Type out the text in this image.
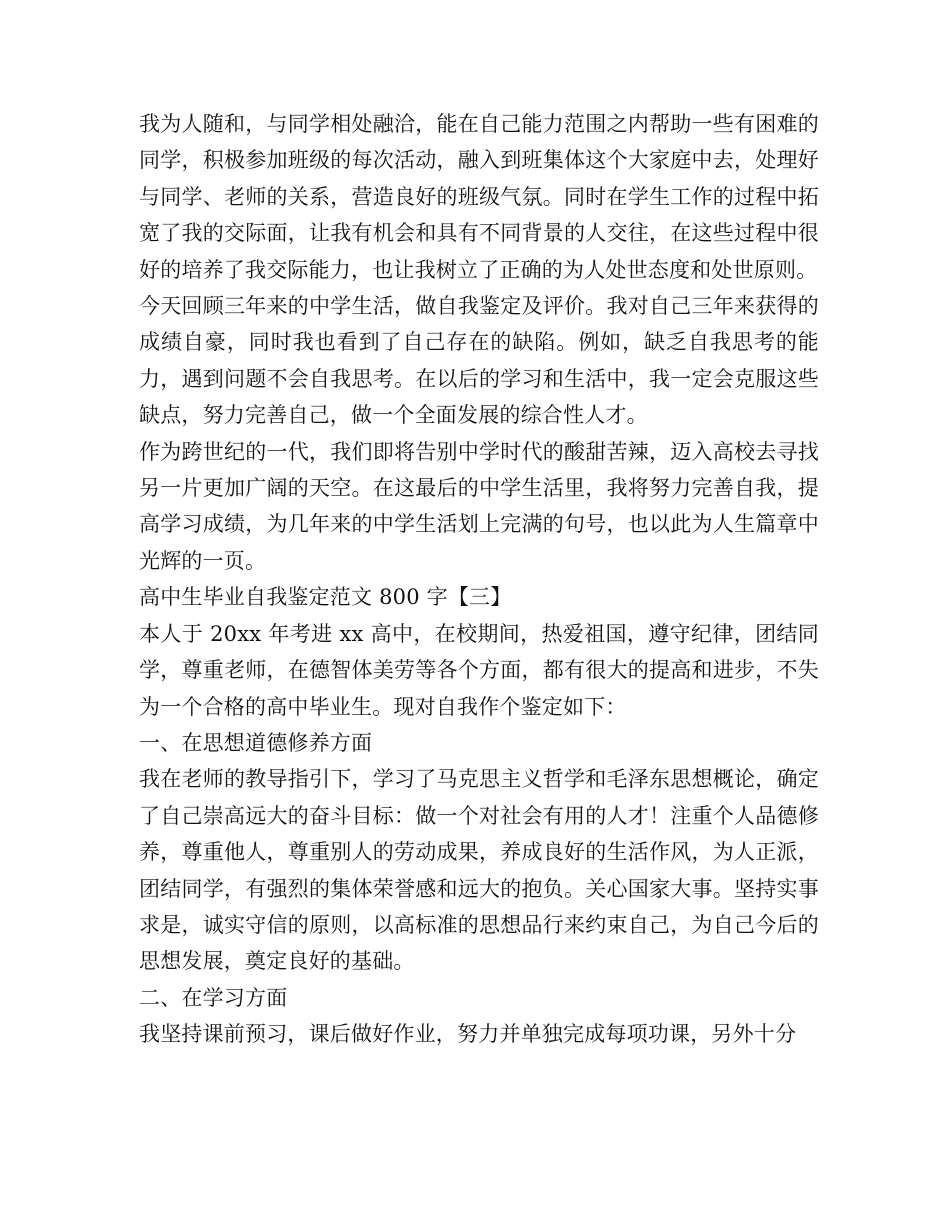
我为人随和，与同学相处融洽，能在自己能力范围之内帮助一些有困难的同学，积极参加班级的每次活动，融入到班集体这个大家庭中去，处理好与同学、老师的关系，营造良好的班级气氛。同时在学生工作的过程中拓宽了我的交际面，让我有机会和具有不同背景的人交往，在这些过程中很好的培养了我交际能力，也让我树立了正确的为人处世态度和处世原则。

今天回顾三年来的中学生活，做自我鉴定及评价。我对自己三年来获得的成绩自豪，同时我也看到了自己存在的缺陷。例如，缺乏自我思考的能力，遇到问题不会自我思考。在以后的学习和生活中，我一定会克服这些缺点，努力完善自己，做一个全面发展的综合性人才。

作为跨世纪的一代，我们即将告别中学时代的酸甜苦辣，迈入高校去寻找另一片更加广阔的天空。在这最后的中学生活里，我将努力完善自我，提高学习成绩，为几年来的中学生活划上完满的句号，也以此为人生篇章中光辉的一页。

高中生毕业自我鉴定范文 800 字【三】

本人于 20xx 年考进 xx 高中，在校期间，热爱祖国，遵守纪律，团结同学，尊重老师，在德智体美劳等各个方面，都有很大的提高和进步，不失为一个合格的高中毕业生。现对自我作个鉴定如下：

一、在思想道德修养方面

我在老师的教导指引下，学习了马克思主义哲学和毛泽东思想概论，确定了自己崇高远大的奋斗目标：做一个对社会有用的人才！注重个人品德修养，尊重他人，尊重别人的劳动成果，养成良好的生活作风，为人正派，团结同学，有强烈的集体荣誉感和远大的抱负。关心国家大事。坚持实事求是，诚实守信的原则，以高标准的思想品行来约束自己，为自己今后的思想发展，奠定良好的基础。

二、在学习方面

我坚持课前预习，课后做好作业，努力并单独完成每项功课，另外十分
